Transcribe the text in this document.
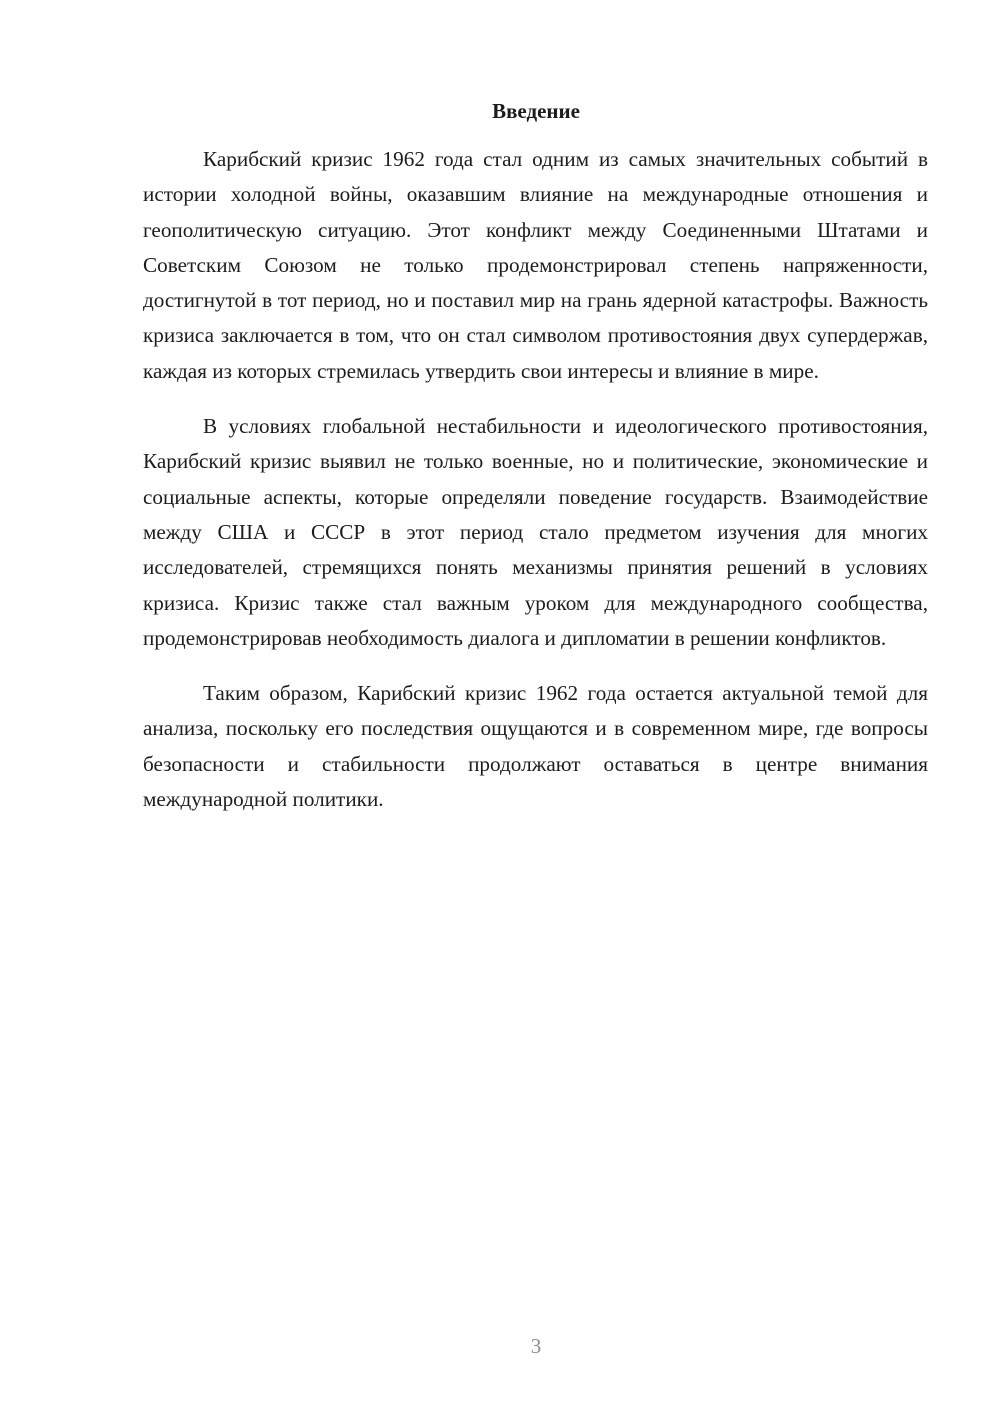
Введение

Карибский кризис 1962 года стал одним из самых значительных событий в истории холодной войны, оказавшим влияние на международные отношения и геополитическую ситуацию. Этот конфликт между Соединенными Штатами и Советским Союзом не только продемонстрировал степень напряженности, достигнутой в тот период, но и поставил мир на грань ядерной катастрофы. Важность кризиса заключается в том, что он стал символом противостояния двух супердержав, каждая из которых стремилась утвердить свои интересы и влияние в мире.

В условиях глобальной нестабильности и идеологического противостояния, Карибский кризис выявил не только военные, но и политические, экономические и социальные аспекты, которые определяли поведение государств. Взаимодействие между США и СССР в этот период стало предметом изучения для многих исследователей, стремящихся понять механизмы принятия решений в условиях кризиса. Кризис также стал важным уроком для международного сообщества, продемонстрировав необходимость диалога и дипломатии в решении конфликтов.

Таким образом, Карибский кризис 1962 года остается актуальной темой для анализа, поскольку его последствия ощущаются и в современном мире, где вопросы безопасности и стабильности продолжают оставаться в центре внимания международной политики.

3
